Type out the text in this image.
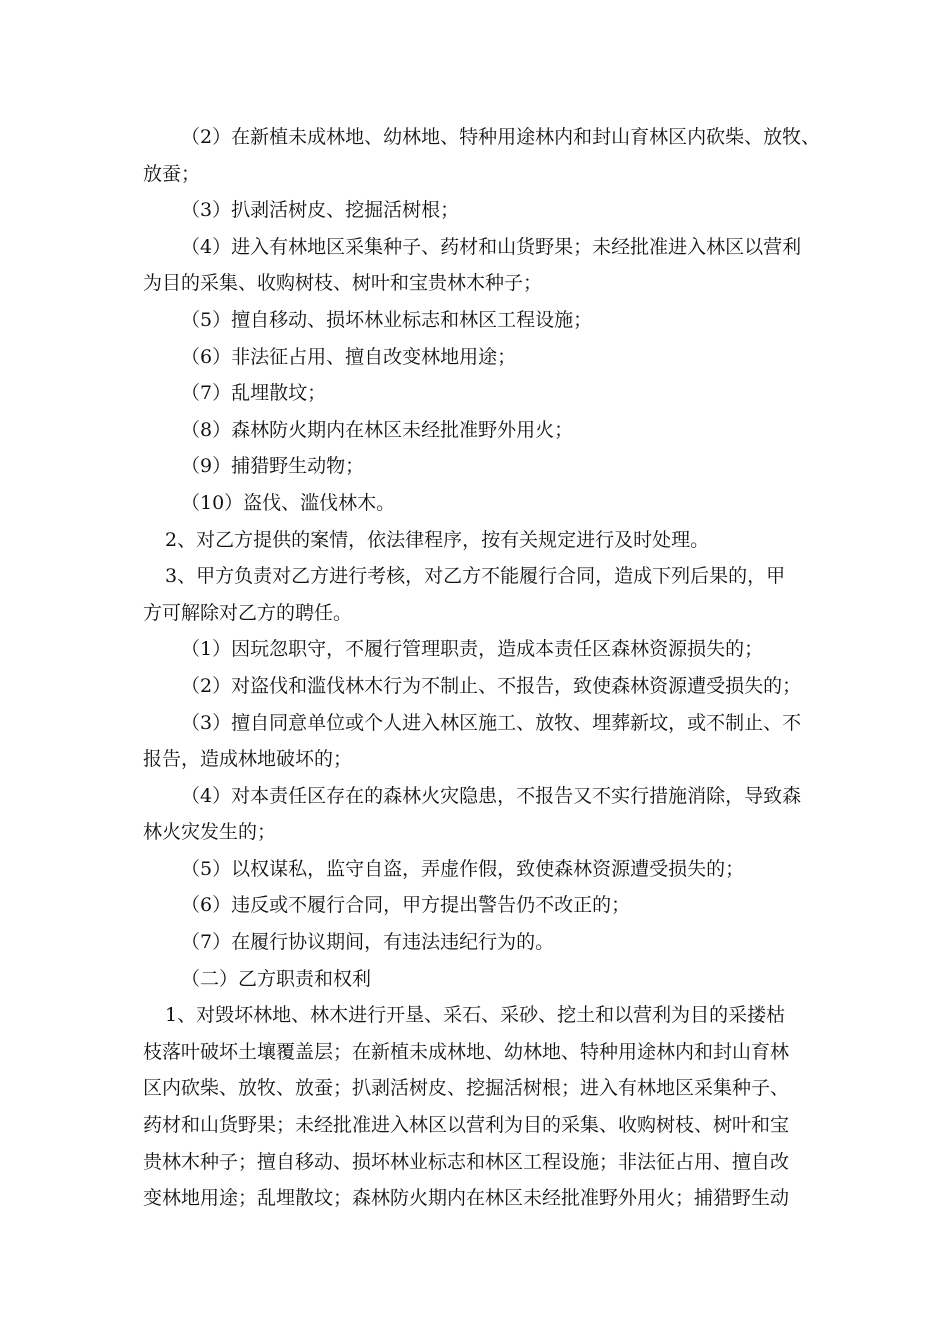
（2）在新植未成林地、幼林地、特种用途林内和封山育林区内砍柴、放牧、

放蚕；

（3）扒剥活树皮、挖掘活树根；

（4）进入有林地区采集种子、药材和山货野果；未经批准进入林区以营利

为目的采集、收购树枝、树叶和宝贵林木种子；

（5）擅自移动、损坏林业标志和林区工程设施；

（6）非法征占用、擅自改变林地用途；

（7）乱埋散坟；

（8）森林防火期内在林区未经批准野外用火；

（9）捕猎野生动物；

（10）盗伐、滥伐林木。

2、对乙方提供的案情，依法律程序，按有关规定进行及时处理。

3、甲方负责对乙方进行考核，对乙方不能履行合同，造成下列后果的，甲

方可解除对乙方的聘任。

（1）因玩忽职守，不履行管理职责，造成本责任区森林资源损失的；

（2）对盗伐和滥伐林木行为不制止、不报告，致使森林资源遭受损失的；

（3）擅自同意单位或个人进入林区施工、放牧、埋葬新坟，或不制止、不

报告，造成林地破坏的；

（4）对本责任区存在的森林火灾隐患，不报告又不实行措施消除，导致森

林火灾发生的；

（5）以权谋私，监守自盗，弄虚作假，致使森林资源遭受损失的；

（6）违反或不履行合同，甲方提出警告仍不改正的；

（7）在履行协议期间，有违法违纪行为的。

（二）乙方职责和权利

1、对毁坏林地、林木进行开垦、采石、采砂、挖土和以营利为目的采搂枯

枝落叶破坏土壤覆盖层；在新植未成林地、幼林地、特种用途林内和封山育林

区内砍柴、放牧、放蚕；扒剥活树皮、挖掘活树根；进入有林地区采集种子、

药材和山货野果；未经批准进入林区以营利为目的采集、收购树枝、树叶和宝

贵林木种子；擅自移动、损坏林业标志和林区工程设施；非法征占用、擅自改

变林地用途；乱埋散坟；森林防火期内在林区未经批准野外用火；捕猎野生动
